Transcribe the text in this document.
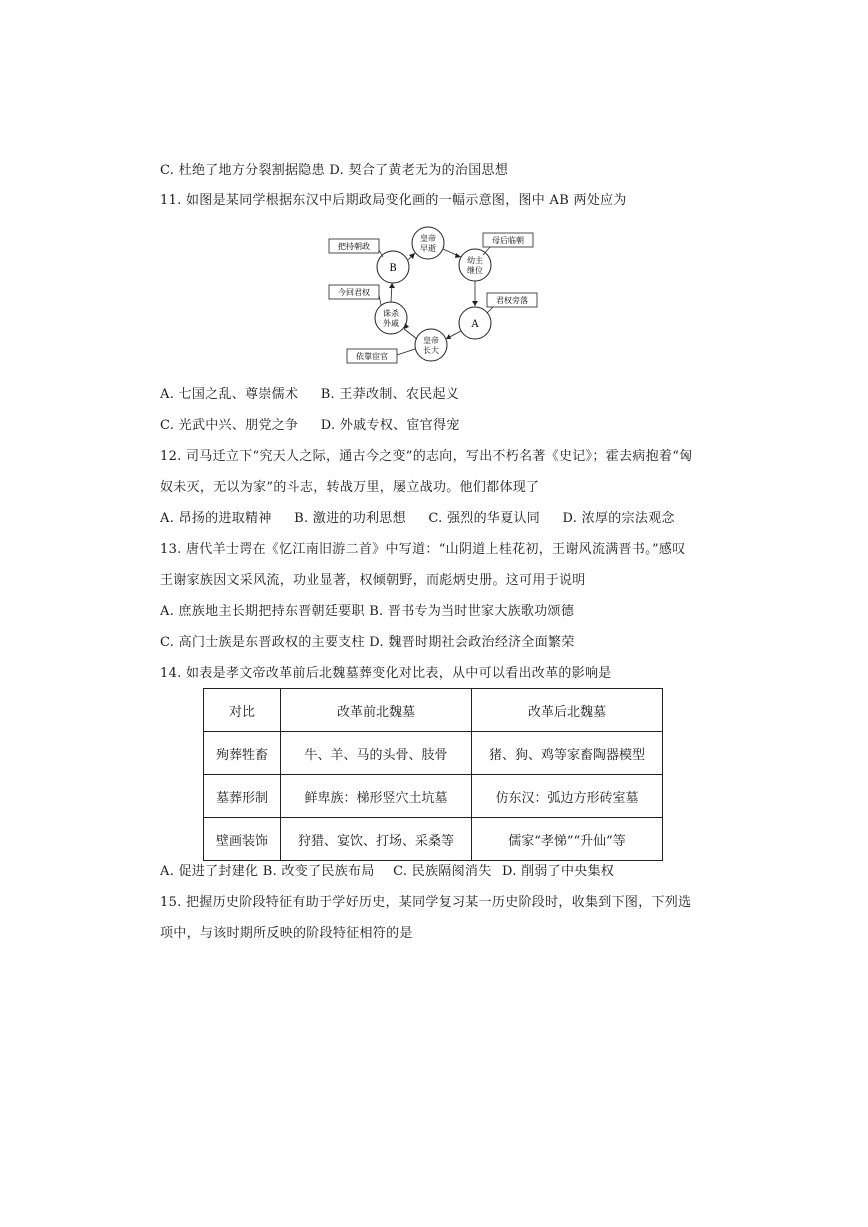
C. 杜绝了地方分裂割据隐患 D. 契合了黄老无为的治国思想
11. 如图是某同学根据东汉中后期政局变化画的一幅示意图，图中 AB 两处应为
皇帝
早逝
幼主
继位
A
皇帝
长大
诛杀
外戚
B
母后临朝
君权旁落
依靠宦官
今回君权
把持朝政
A. 七国之乱、尊崇儒术 B. 王莽改制、农民起义
C. 光武中兴、朋党之争 D. 外戚专权、宦官得宠
12. 司马迁立下“究天人之际，通古今之变”的志向，写出不朽名著《史记》；霍去病抱着“匈
奴未灭，无以为家”的斗志，转战万里，屡立战功。他们都体现了
A. 昂扬的进取精神 B. 激进的功利思想 C. 强烈的华夏认同 D. 浓厚的宗法观念
13. 唐代羊士谔在《忆江南旧游二首》中写道：“山阴道上桂花初，王谢风流满晋书。”感叹
王谢家族因文采风流，功业显著，权倾朝野，而彪炳史册。这可用于说明
A. 庶族地主长期把持东晋朝廷要职 B. 晋书专为当时世家大族歌功颂德
C. 高门士族是东晋政权的主要支柱 D. 魏晋时期社会政治经济全面繁荣
14. 如表是孝文帝改革前后北魏墓葬变化对比表，从中可以看出改革的影响是
对比	改革前北魏墓	改革后北魏墓
殉葬牲畜	牛、羊、马的头骨、肢骨	猪、狗、鸡等家畜陶器模型
墓葬形制	鲜卑族：梯形竖穴土坑墓	仿东汉：弧边方形砖室墓
壁画装饰	狩猎、宴饮、打场、采桑等	儒家“孝悌”“升仙”等
A. 促进了封建化 B. 改变了民族布局 C. 民族隔阂消失 D. 削弱了中央集权
15. 把握历史阶段特征有助于学好历史，某同学复习某一历史阶段时，收集到下图，下列选
项中，与该时期所反映的阶段特征相符的是
